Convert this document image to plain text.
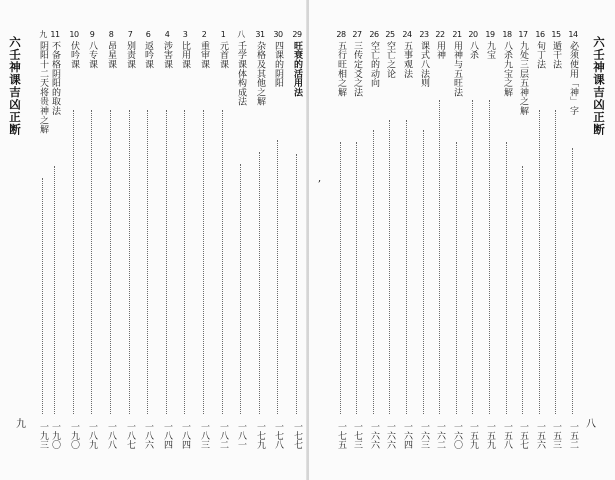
六壬神课吉凶正断
九
29
旺衰的活用法
一七七
30
四课的阴阳
一七八
31
杂格及其他之解
一七九
八
壬学课体构成法
一八一
1
元首课
一八二
2
重审课
一八三
3
比用课
一八四
4
涉害课
一八四
6
返吟课
一八六
7
别责课
一八七
8
昂星课
一八八
9
八专课
一八九
10
伏吟课
一九〇
11
不备格阴阳的取法
一九〇
九
阴阳十二天将贵神之解
一九三
六壬神课吉凶正断
八
,
14
必须使用「神」字
一五二
15
遁干法
一五三
16
旬丁法
一五六
17
九处三层五神之解
一五七
18
八杀九宝之解
一五八
19
九宝
一五九
20
八杀
一五九
21
用神与五旺法
一六〇
22
用神
一六二
23
课式八法则
一六三
24
五事观法
一六四
25
空亡之论
一六六
26
空亡的动向
一六六
27
三传定爻之法
一七三
28
五行旺相之解
一七五
